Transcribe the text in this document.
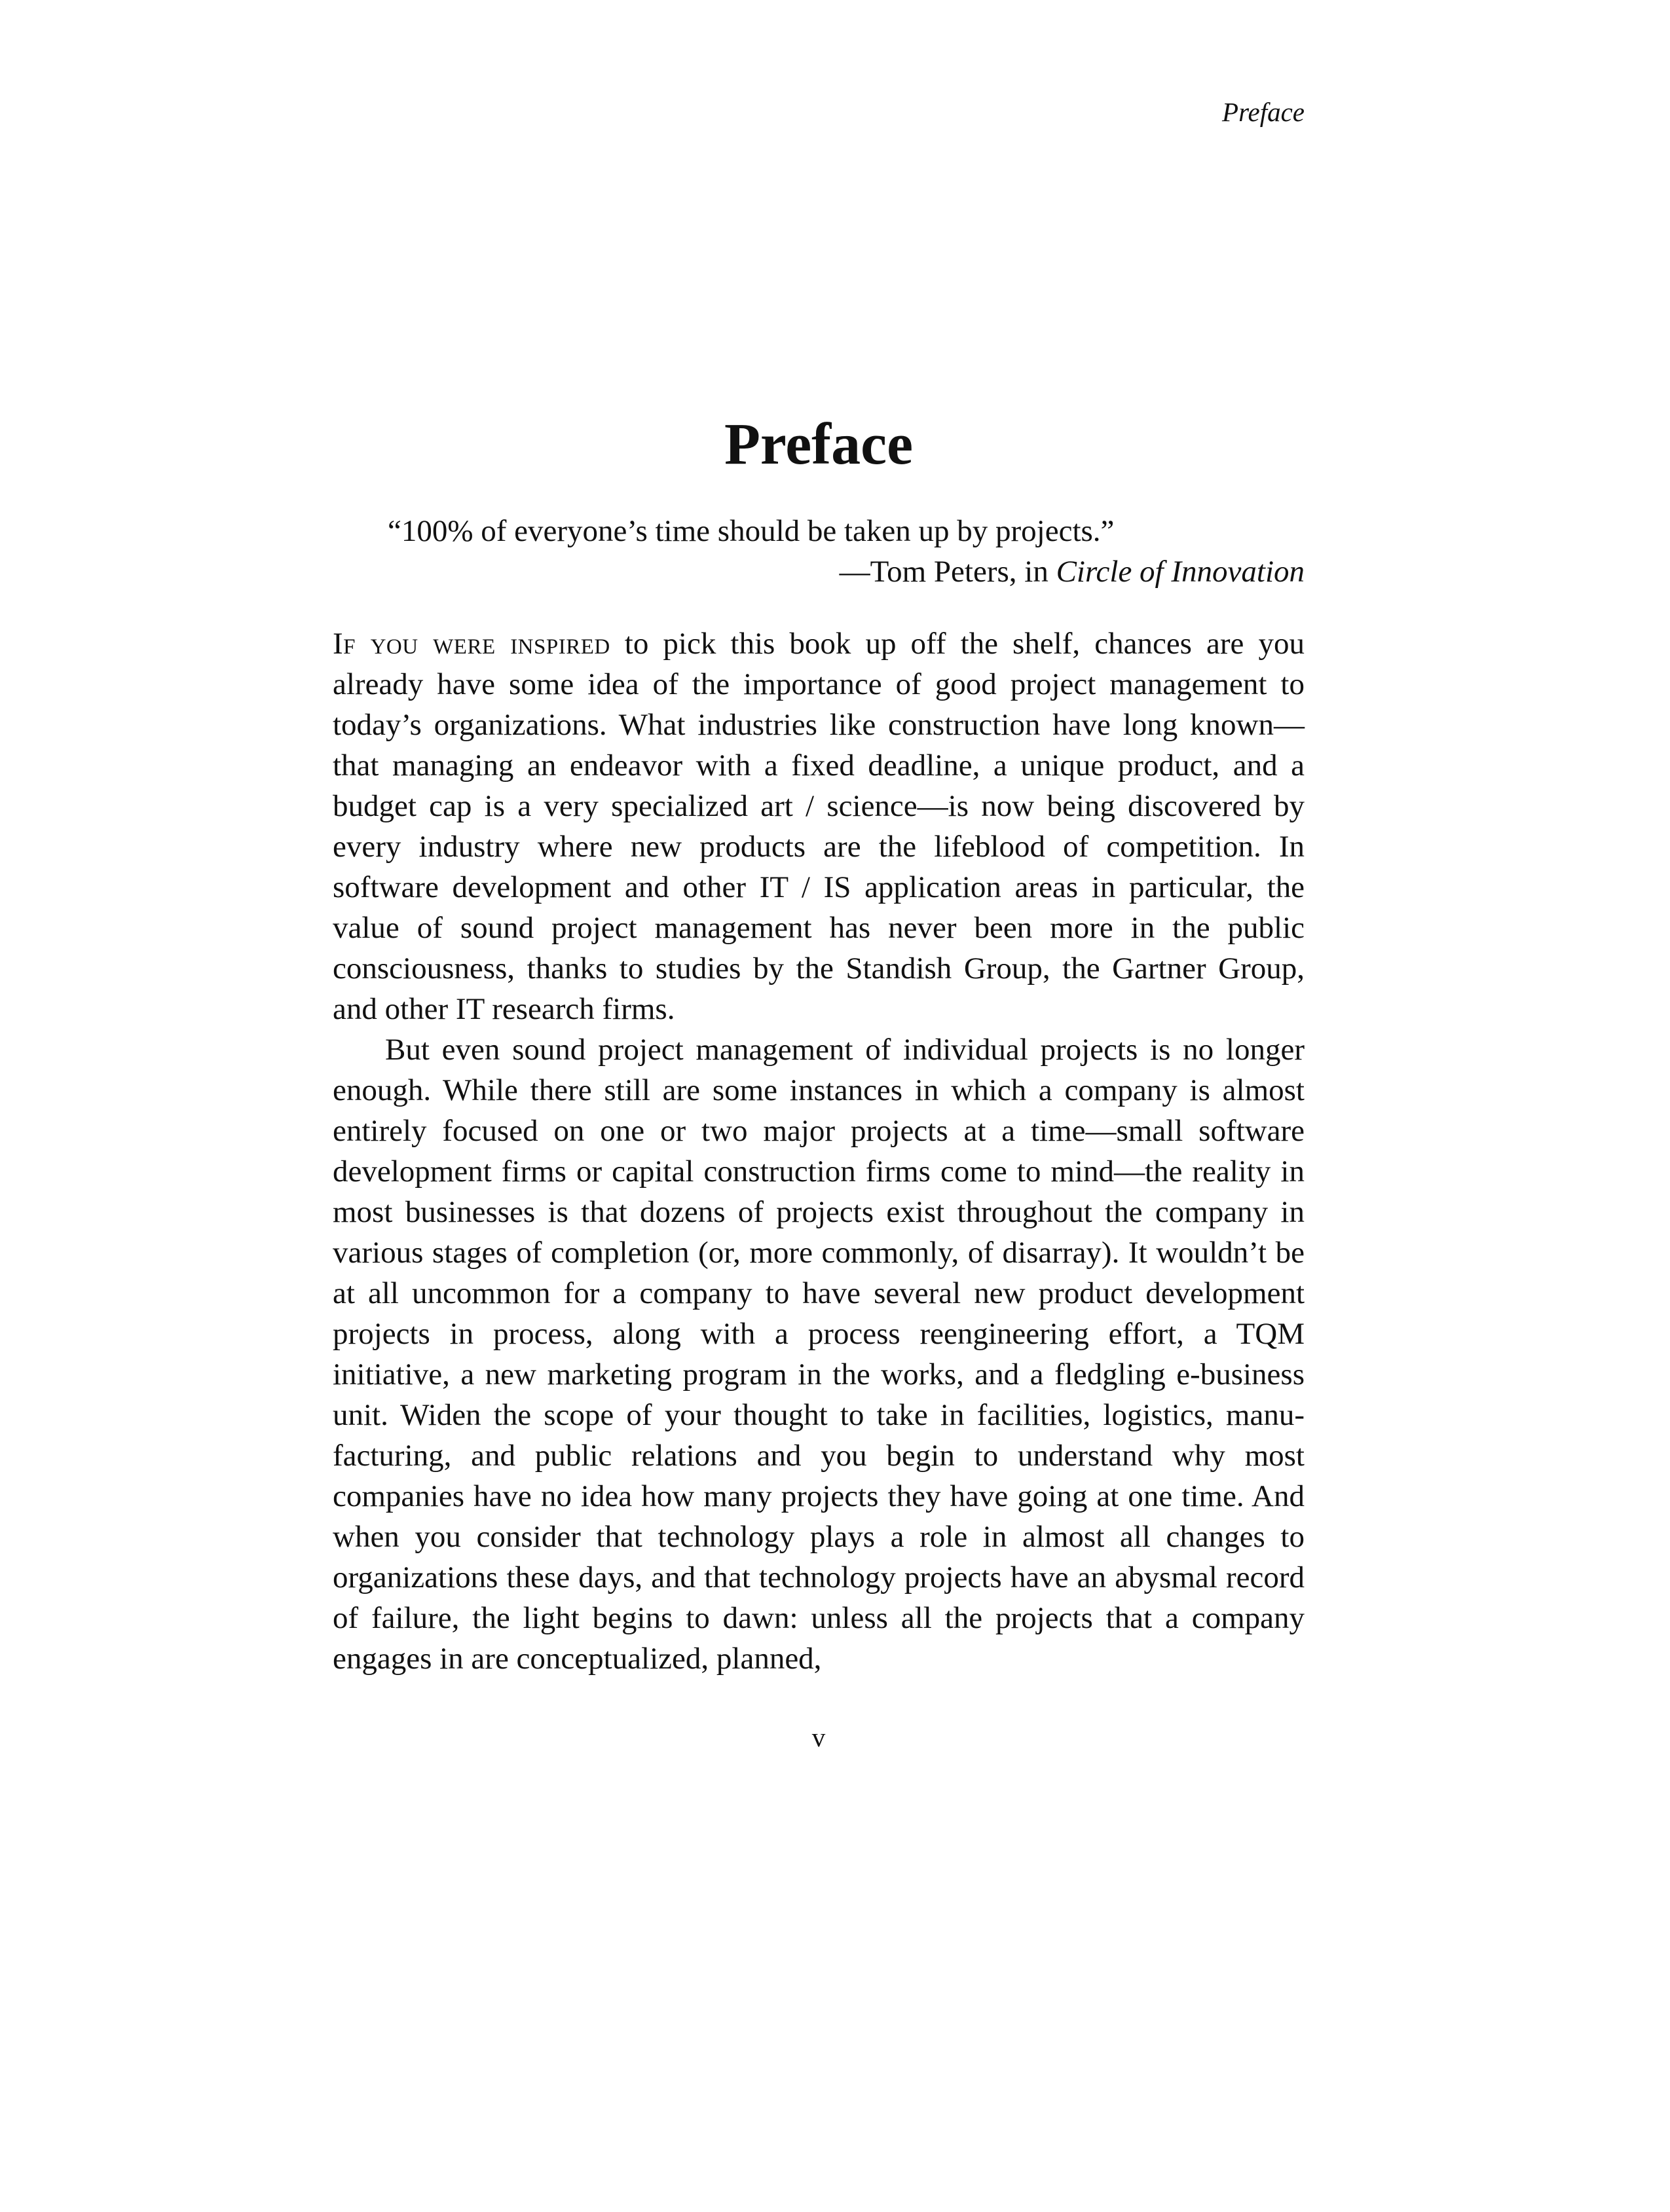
Preface
Preface
“100% of everyone’s time should be taken up by projects.”
—Tom Peters, in Circle of Innovation

If you were inspired to pick this book up off the shelf, chances are you already have some idea of the importance of good project management to today’s organizations. What industries like construction have long known—that managing an endeavor with a fixed deadline, a unique product, and a budget cap is a very specialized art / science—is now being discovered by every industry where new products are the lifeblood of competition. In software development and other IT / IS application areas in particular, the value of sound project management has never been more in the public consciousness, thanks to studies by the Standish Group, the Gartner Group, and other IT research firms.

But even sound project management of individual projects is no longer enough. While there still are some instances in which a company is almost entirely focused on one or two major projects at a time—small software development firms or capital construction firms come to mind—the reality in most businesses is that dozens of projects exist throughout the company in various stages of completion (or, more commonly, of disarray). It wouldn’t be at all uncommon for a company to have several new product development projects in process, along with a process reengineering effort, a TQM initiative, a new marketing program in the works, and a fledgling e-business unit. Widen the scope of your thought to take in facilities, logistics, manufacturing, and public relations and you begin to understand why most companies have no idea how many projects they have going at one time. And when you consider that technology plays a role in almost all changes to organizations these days, and that technology projects have an abysmal record of failure, the light begins to dawn: unless all the projects that a company engages in are conceptualized, planned,

v
